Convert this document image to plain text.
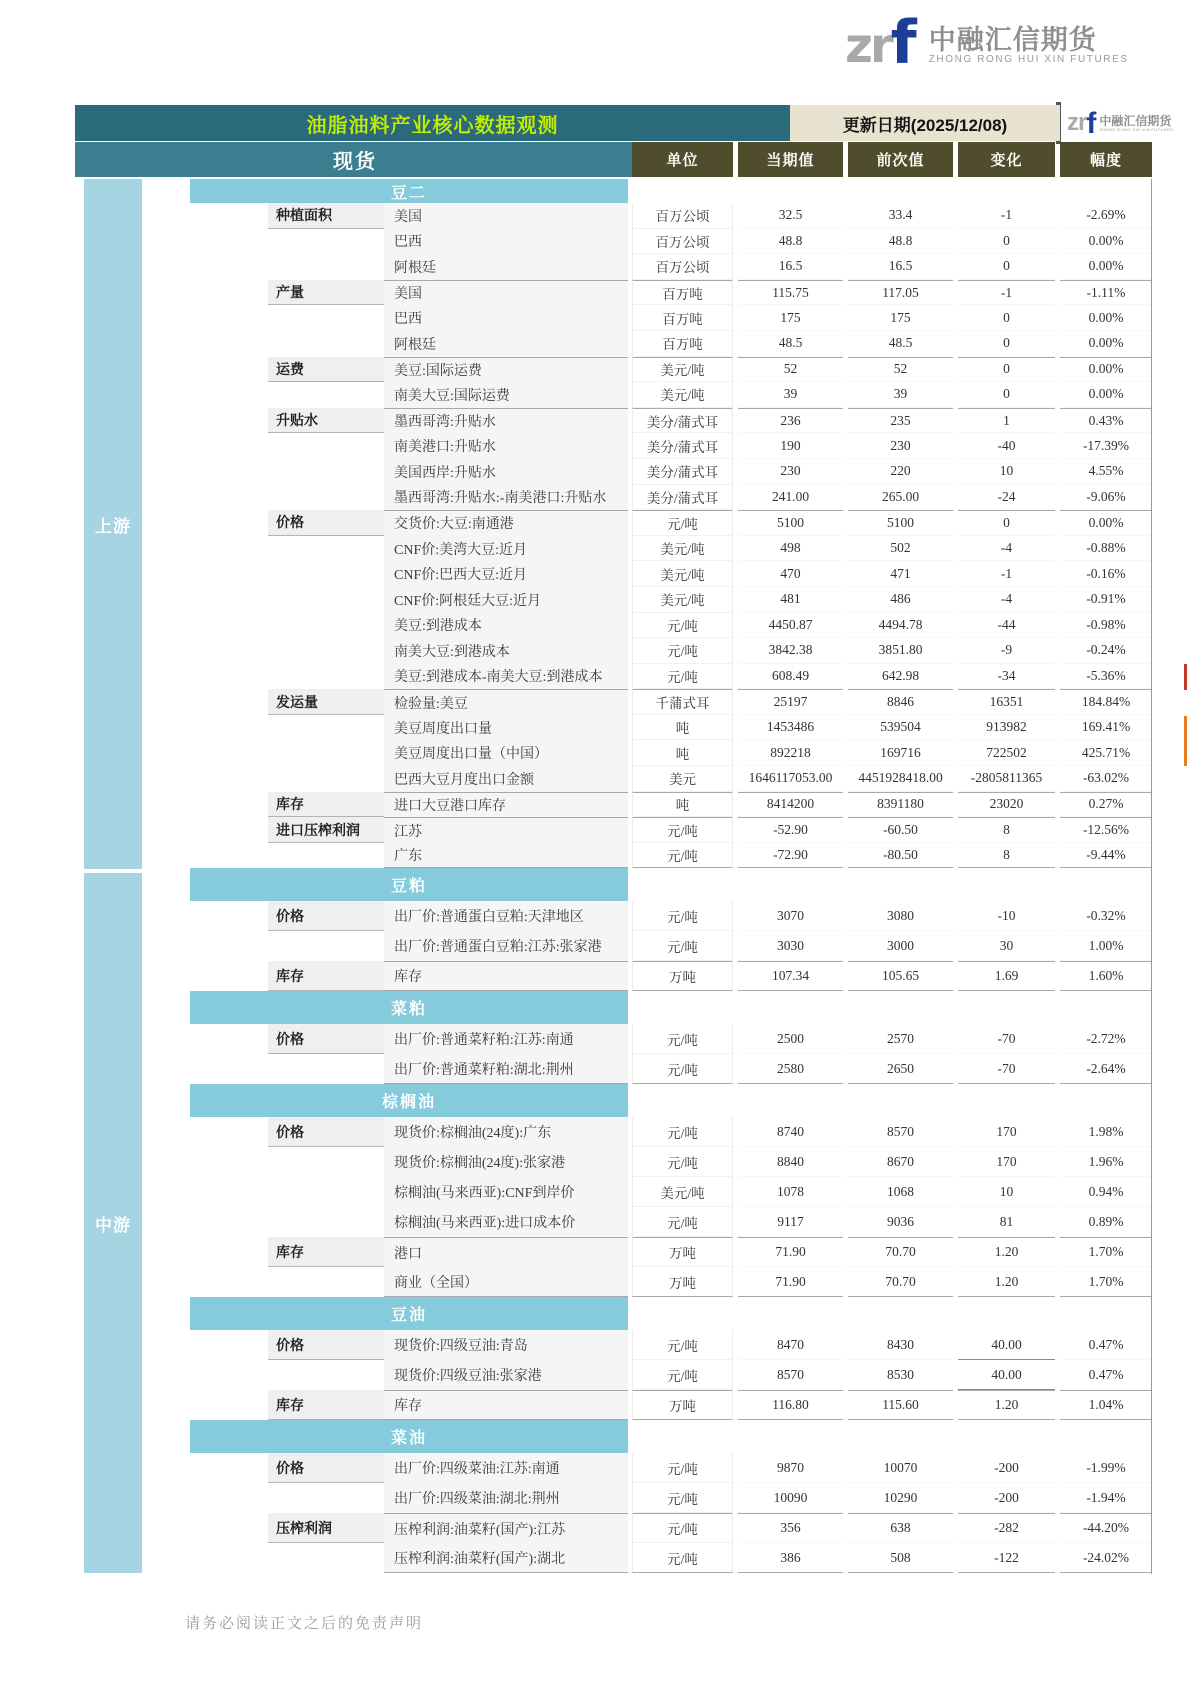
zr f 中融汇信期货
ZHONG RONG HUI XIN FUTURES
zr f 中融汇信期货
ZHONG RONG HUI XIN FUTURES
油脂油料产业核心数据观测	更新日期(2025/12/08)
现货	单位	当期值	前次值	变化	幅度
上游
中游
豆二
种植面积	美国	百万公顷	32.5	33.4	-1	-2.69%
巴西	百万公顷	48.8	48.8	0	0.00%
阿根廷	百万公顷	16.5	16.5	0	0.00%
产量	美国	百万吨	115.75	117.05	-1	-1.11%
巴西	百万吨	175	175	0	0.00%
阿根廷	百万吨	48.5	48.5	0	0.00%
运费	美豆:国际运费	美元/吨	52	52	0	0.00%
南美大豆:国际运费	美元/吨	39	39	0	0.00%
升贴水	墨西哥湾:升贴水	美分/蒲式耳	236	235	1	0.43%
南美港口:升贴水	美分/蒲式耳	190	230	-40	-17.39%
美国西岸:升贴水	美分/蒲式耳	230	220	10	4.55%
墨西哥湾:升贴水:-南美港口:升贴水	美分/蒲式耳	241.00	265.00	-24	-9.06%
价格	交货价:大豆:南通港	元/吨	5100	5100	0	0.00%
CNF价:美湾大豆:近月	美元/吨	498	502	-4	-0.88%
CNF价:巴西大豆:近月	美元/吨	470	471	-1	-0.16%
CNF价:阿根廷大豆:近月	美元/吨	481	486	-4	-0.91%
美豆:到港成本	元/吨	4450.87	4494.78	-44	-0.98%
南美大豆:到港成本	元/吨	3842.38	3851.80	-9	-0.24%
美豆:到港成本-南美大豆:到港成本	元/吨	608.49	642.98	-34	-5.36%
发运量	检验量:美豆	千蒲式耳	25197	8846	16351	184.84%
美豆周度出口量	吨	1453486	539504	913982	169.41%
美豆周度出口量（中国）	吨	892218	169716	722502	425.71%
巴西大豆月度出口金额	美元	1646117053.00	4451928418.00	-2805811365	-63.02%
库存	进口大豆港口库存	吨	8414200	8391180	23020	0.27%
进口压榨利润	江苏	元/吨	-52.90	-60.50	8	-12.56%
广东	元/吨	-72.90	-80.50	8	-9.44%
豆粕
价格	出厂价:普通蛋白豆粕:天津地区	元/吨	3070	3080	-10	-0.32%
出厂价:普通蛋白豆粕:江苏:张家港	元/吨	3030	3000	30	1.00%
库存	库存	万吨	107.34	105.65	1.69	1.60%
菜粕
价格	出厂价:普通菜籽粕:江苏:南通	元/吨	2500	2570	-70	-2.72%
出厂价:普通菜籽粕:湖北:荆州	元/吨	2580	2650	-70	-2.64%
棕榈油
价格	现货价:棕榈油(24度):广东	元/吨	8740	8570	170	1.98%
现货价:棕榈油(24度):张家港	元/吨	8840	8670	170	1.96%
棕榈油(马来西亚):CNF到岸价	美元/吨	1078	1068	10	0.94%
棕榈油(马来西亚):进口成本价	元/吨	9117	9036	81	0.89%
库存	港口	万吨	71.90	70.70	1.20	1.70%
商业（全国）	万吨	71.90	70.70	1.20	1.70%
豆油
价格	现货价:四级豆油:青岛	元/吨	8470	8430	40.00	0.47%
现货价:四级豆油:张家港	元/吨	8570	8530	40.00	0.47%
库存	库存	万吨	116.80	115.60	1.20	1.04%
菜油
价格	出厂价:四级菜油:江苏:南通	元/吨	9870	10070	-200	-1.99%
出厂价:四级菜油:湖北:荆州	元/吨	10090	10290	-200	-1.94%
压榨利润	压榨利润:油菜籽(国产):江苏	元/吨	356	638	-282	-44.20%
压榨利润:油菜籽(国产):湖北	元/吨	386	508	-122	-24.02%
请务必阅读正文之后的免责声明
